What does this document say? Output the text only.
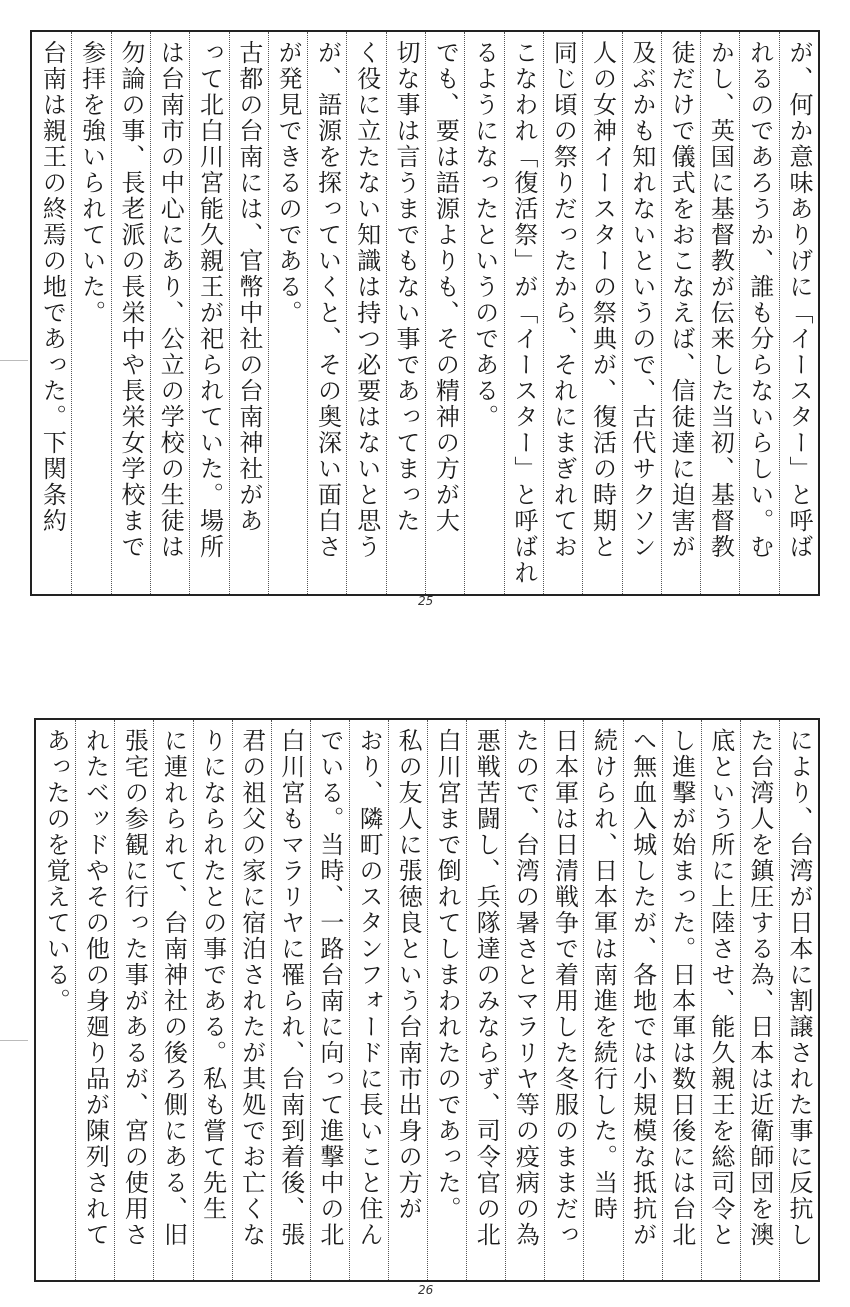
が、何か意味ありげに「イースター」と呼ば
れるのであろうか、誰も分らないらしい。む
かし、英国に基督教が伝来した当初、基督教
徒だけで儀式をおこなえば、信徒達に迫害が
及ぶかも知れないというので、古代サクソン
人の女神イースターの祭典が、復活の時期と
同じ頃の祭りだったから、それにまぎれてお
こなわれ「復活祭」が「イースター」と呼ばれ
るようになったというのである。
でも、要は語源よりも、その精神の方が大
切な事は言うまでもない事であってまった
く役に立たない知識は持つ必要はないと思う
が、語源を探っていくと、その奥深い面白さ
が発見できるのである。
古都の台南には、官幣中社の台南神社があ
って北白川宮能久親王が祀られていた。場所
は台南市の中心にあり、公立の学校の生徒は
勿論の事、長老派の長栄中や長栄女学校まで
参拝を強いられていた。
台南は親王の終焉の地であった。下関条約
25
により、台湾が日本に割譲された事に反抗し
た台湾人を鎮圧する為、日本は近衛師団を澳
底という所に上陸させ、能久親王を総司令と
し進撃が始まった。日本軍は数日後には台北
へ無血入城したが、各地では小規模な抵抗が
続けられ、日本軍は南進を続行した。当時
日本軍は日清戦争で着用した冬服のままだっ
たので、台湾の暑さとマラリヤ等の疫病の為
悪戦苦闘し、兵隊達のみならず、司令官の北
白川宮まで倒れてしまわれたのであった。
私の友人に張徳良という台南市出身の方が
おり、隣町のスタンフォードに長いこと住ん
でいる。当時、一路台南に向って進撃中の北
白川宮もマラリヤに罹られ、台南到着後、張
君の祖父の家に宿泊されたが其処でお亡くな
りになられたとの事である。私も嘗て先生
に連れられて、台南神社の後ろ側にある、旧
張宅の参観に行った事があるが、宮の使用さ
れたベッドやその他の身廻り品が陳列されて
あったのを覚えている。
26
